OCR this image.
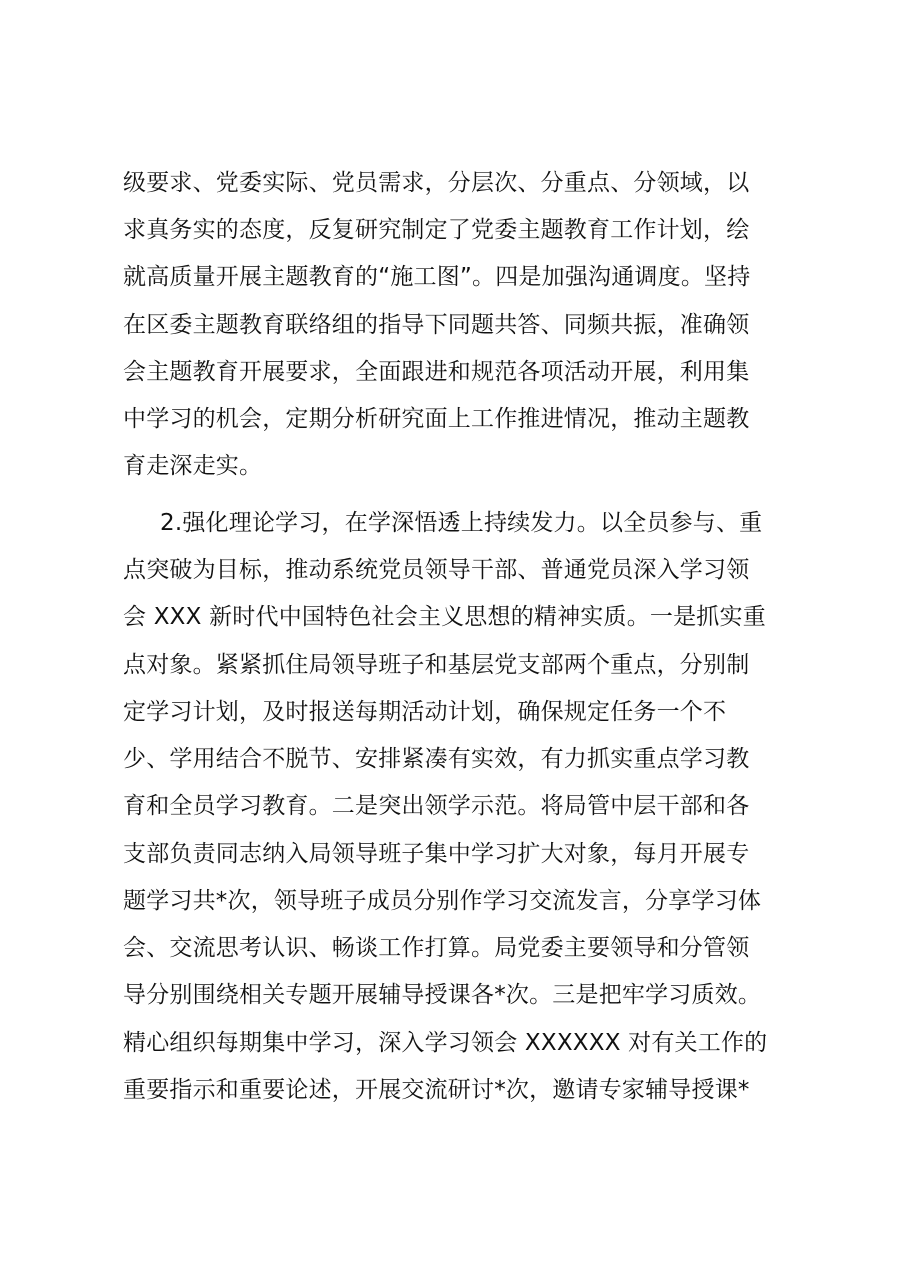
级要求、党委实际、党员需求，分层次、分重点、分领域，以
求真务实的态度，反复研究制定了党委主题教育工作计划，绘
就高质量开展主题教育的“施工图”。四是加强沟通调度。坚持
在区委主题教育联络组的指导下同题共答、同频共振，准确领
会主题教育开展要求，全面跟进和规范各项活动开展，利用集
中学习的机会，定期分析研究面上工作推进情况，推动主题教
育走深走实。
2.强化理论学习，在学深悟透上持续发力。以全员参与、重
点突破为目标，推动系统党员领导干部、普通党员深入学习领
会 XXX 新时代中国特色社会主义思想的精神实质。一是抓实重
点对象。紧紧抓住局领导班子和基层党支部两个重点，分别制
定学习计划，及时报送每期活动计划，确保规定任务一个不
少、学用结合不脱节、安排紧凑有实效，有力抓实重点学习教
育和全员学习教育。二是突出领学示范。将局管中层干部和各
支部负责同志纳入局领导班子集中学习扩大对象，每月开展专
题学习共*次，领导班子成员分别作学习交流发言，分享学习体
会、交流思考认识、畅谈工作打算。局党委主要领导和分管领
导分别围绕相关专题开展辅导授课各*次。三是把牢学习质效。
精心组织每期集中学习，深入学习领会 XXXXXX 对有关工作的
重要指示和重要论述，开展交流研讨*次，邀请专家辅导授课*
